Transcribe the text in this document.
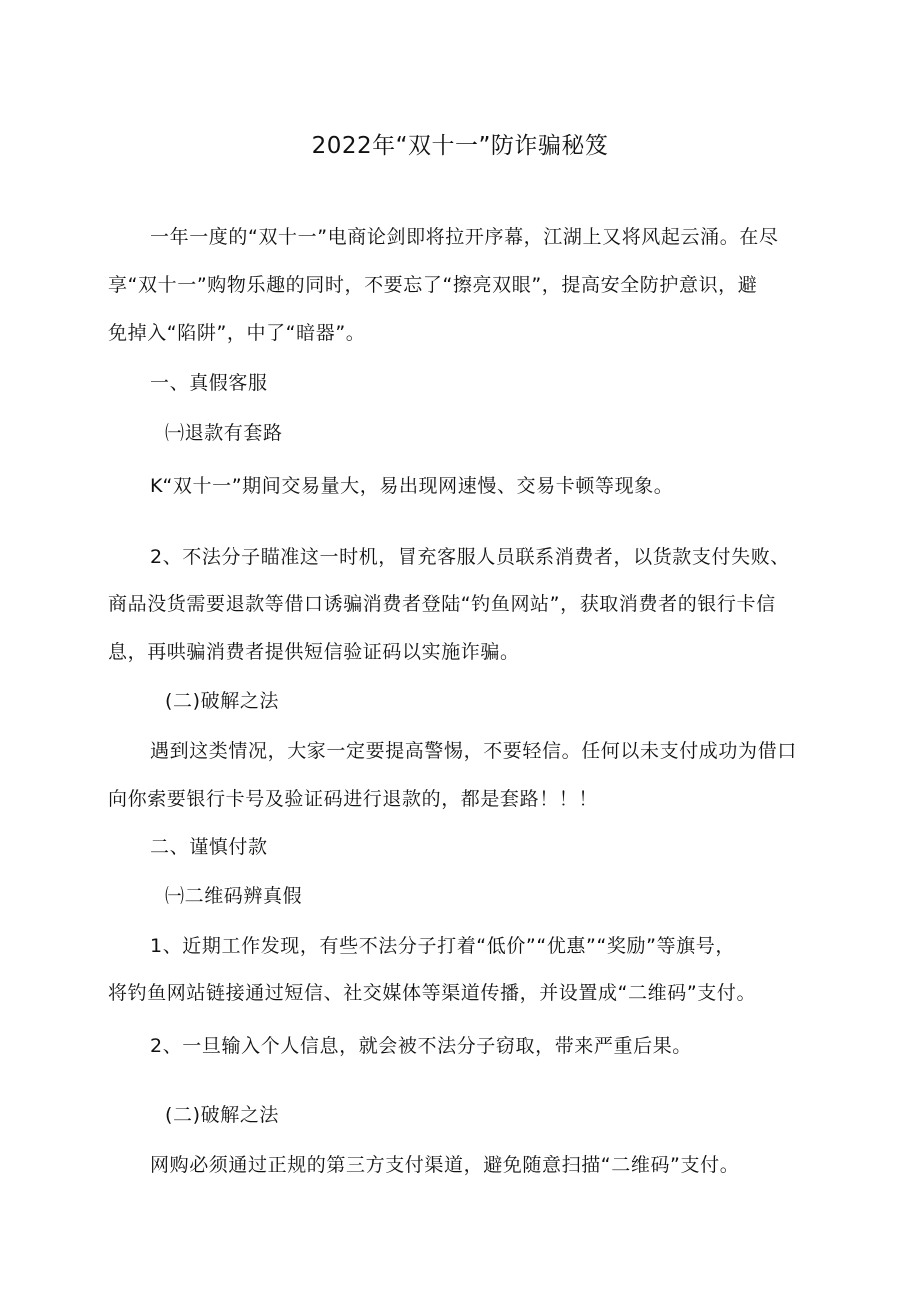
2022年“双十一”防诈骗秘笈

一年一度的“双十一”电商论剑即将拉开序幕，江湖上又将风起云涌。在尽

享“双十一”购物乐趣的同时，不要忘了“擦亮双眼”，提高安全防护意识，避

免掉入“陷阱”，中了“暗器”。

一、真假客服

㈠退款有套路

K“双十一”期间交易量大，易出现网速慢、交易卡顿等现象。

2、不法分子瞄准这一时机，冒充客服人员联系消费者，以货款支付失败、

商品没货需要退款等借口诱骗消费者登陆“钓鱼网站”，获取消费者的银行卡信

息，再哄骗消费者提供短信验证码以实施诈骗。

(二)破解之法

遇到这类情况，大家一定要提高警惕，不要轻信。任何以未支付成功为借口

向你索要银行卡号及验证码进行退款的，都是套路！！！

二、谨慎付款

㈠二维码辨真假

1、近期工作发现，有些不法分子打着“低价”“优惠”“奖励”等旗号，

将钓鱼网站链接通过短信、社交媒体等渠道传播，并设置成“二维码”支付。

2、一旦输入个人信息，就会被不法分子窃取，带来严重后果。

(二)破解之法

网购必须通过正规的第三方支付渠道，避免随意扫描“二维码”支付。
